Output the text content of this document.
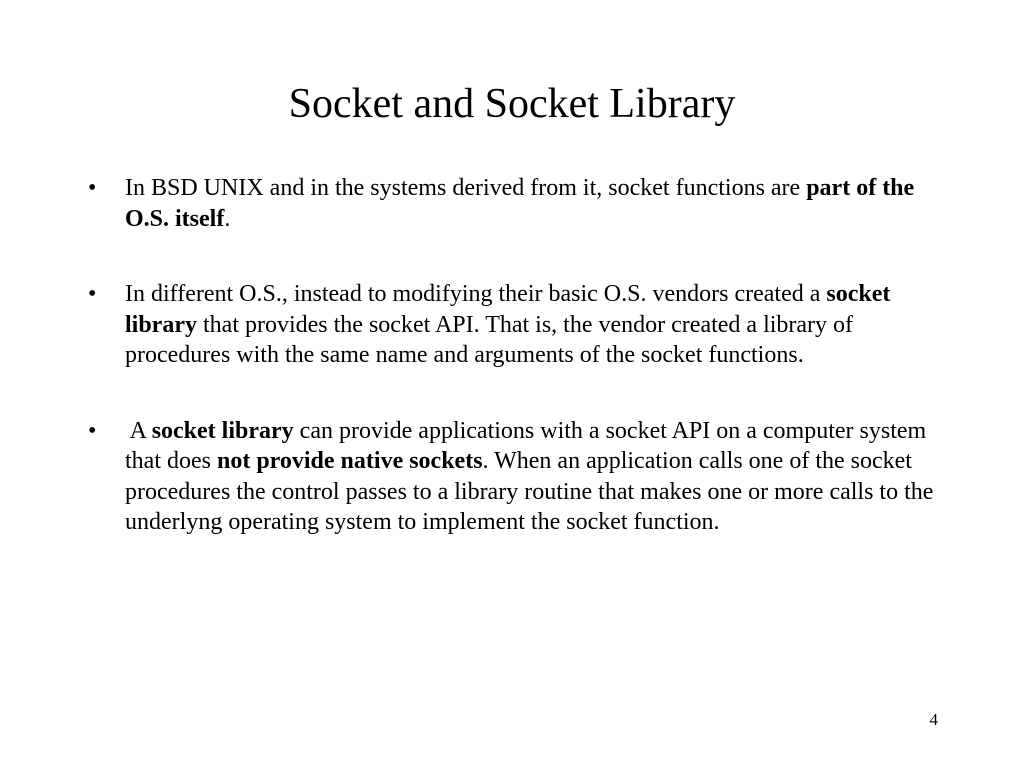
Socket and Socket Library
•	In BSD UNIX and in the systems derived from it, socket functions are part of the O.S. itself.
•	In different O.S., instead to modifying their basic O.S. vendors created a socket library that provides the socket API. That is, the vendor created a library of procedures with the same name and arguments of the socket functions.
•	A socket library can provide applications with a socket API on a computer system that does not provide native sockets. When an application calls one of the socket procedures the control passes to a library routine that makes one or more calls to the underlyng operating system to implement the socket function.
4
